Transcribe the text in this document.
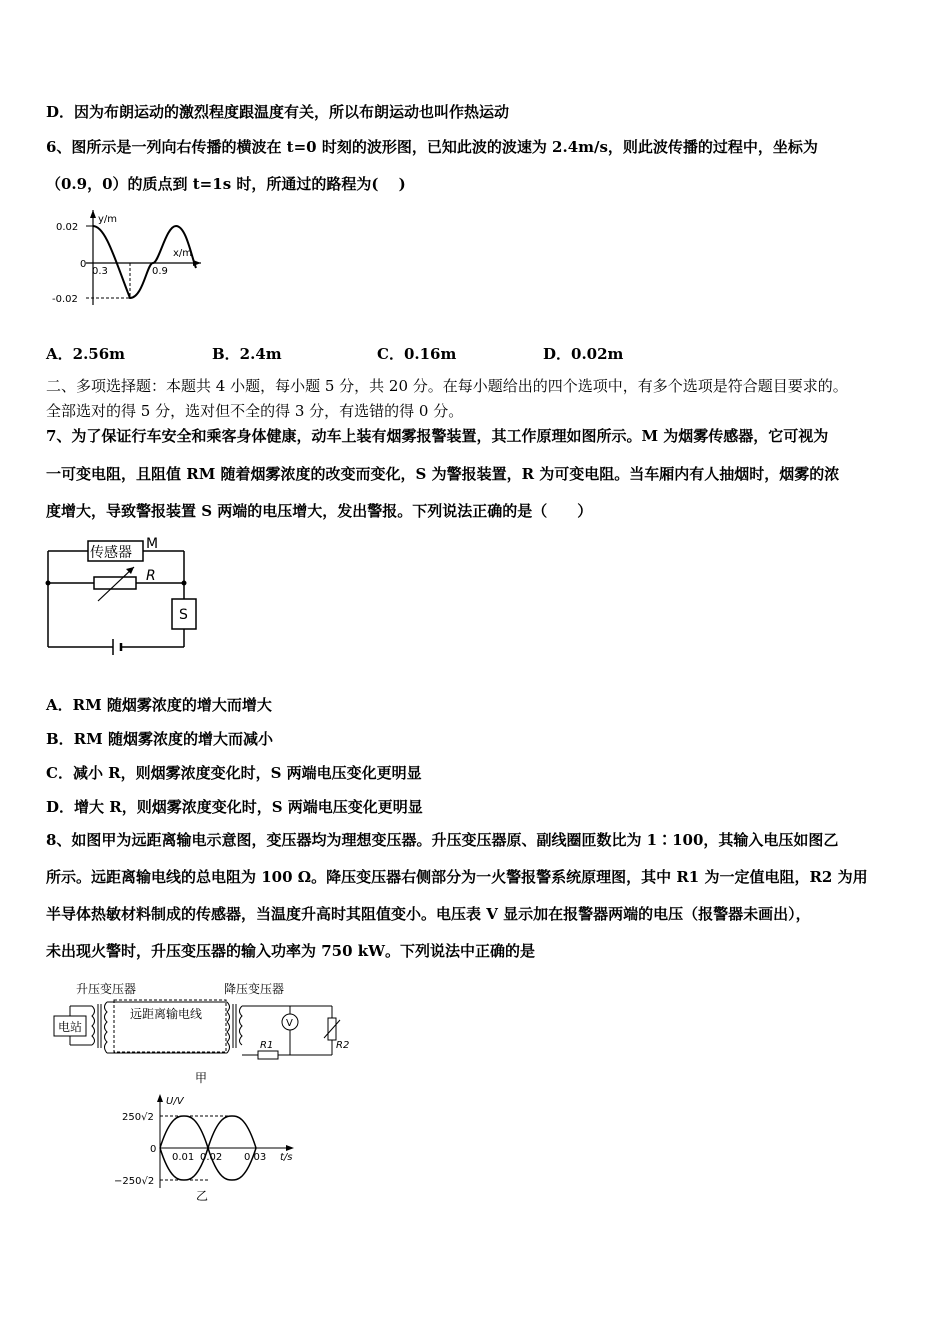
D．因为布朗运动的激烈程度跟温度有关，所以布朗运动也叫作热运动
6、图所示是一列向右传播的横波在 t=0 时刻的波形图，已知此波的波速为 2.4m/s，则此波传播的过程中，坐标为
（0.9，0）的质点到 t=1s 时，所通过的路程为(　 )
y/m
x/m
0.02
0
-0.02
0.3	0.9
A．2.56m	B．2.4m	C．0.16m	D．0.02m
二、多项选择题：本题共 4 小题，每小题 5 分，共 20 分。在每小题给出的四个选项中，有多个选项是符合题目要求的。
全部选对的得 5 分，选对但不全的得 3 分，有选错的得 0 分。
7、为了保证行车安全和乘客身体健康，动车上装有烟雾报警装置，其工作原理如图所示。M 为烟雾传感器，它可视为
一可变电阻，且阻值 RM 随着烟雾浓度的改变而变化，S 为警报装置，R 为可变电阻。当车厢内有人抽烟时，烟雾的浓
度增大，导致警报装置 S 两端的电压增大，发出警报。下列说法正确的是（　　）
传感器
M
R
S
A．RM 随烟雾浓度的增大而增大
B．RM 随烟雾浓度的增大而减小
C．减小 R，则烟雾浓度变化时，S 两端电压变化更明显
D．增大 R，则烟雾浓度变化时，S 两端电压变化更明显
8、如图甲为远距离输电示意图，变压器均为理想变压器。升压变压器原、副线圈匝数比为 1∶100，其输入电压如图乙
所示。远距离输电线的总电阻为 100 Ω。降压变压器右侧部分为一火警报警系统原理图，其中 R1 为一定值电阻，R2 为用
半导体热敏材料制成的传感器，当温度升高时其阻值变小。电压表 V 显示加在报警器两端的电压（报警器未画出），
未出现火警时，升压变压器的输入功率为 750 kW。下列说法中正确的是
升压变压器	降压变压器
电站
远距离输电线
V
R1	R2
甲
U/V
t/s
250√2
0
−250√2
0.01 0.02 0.03
乙
